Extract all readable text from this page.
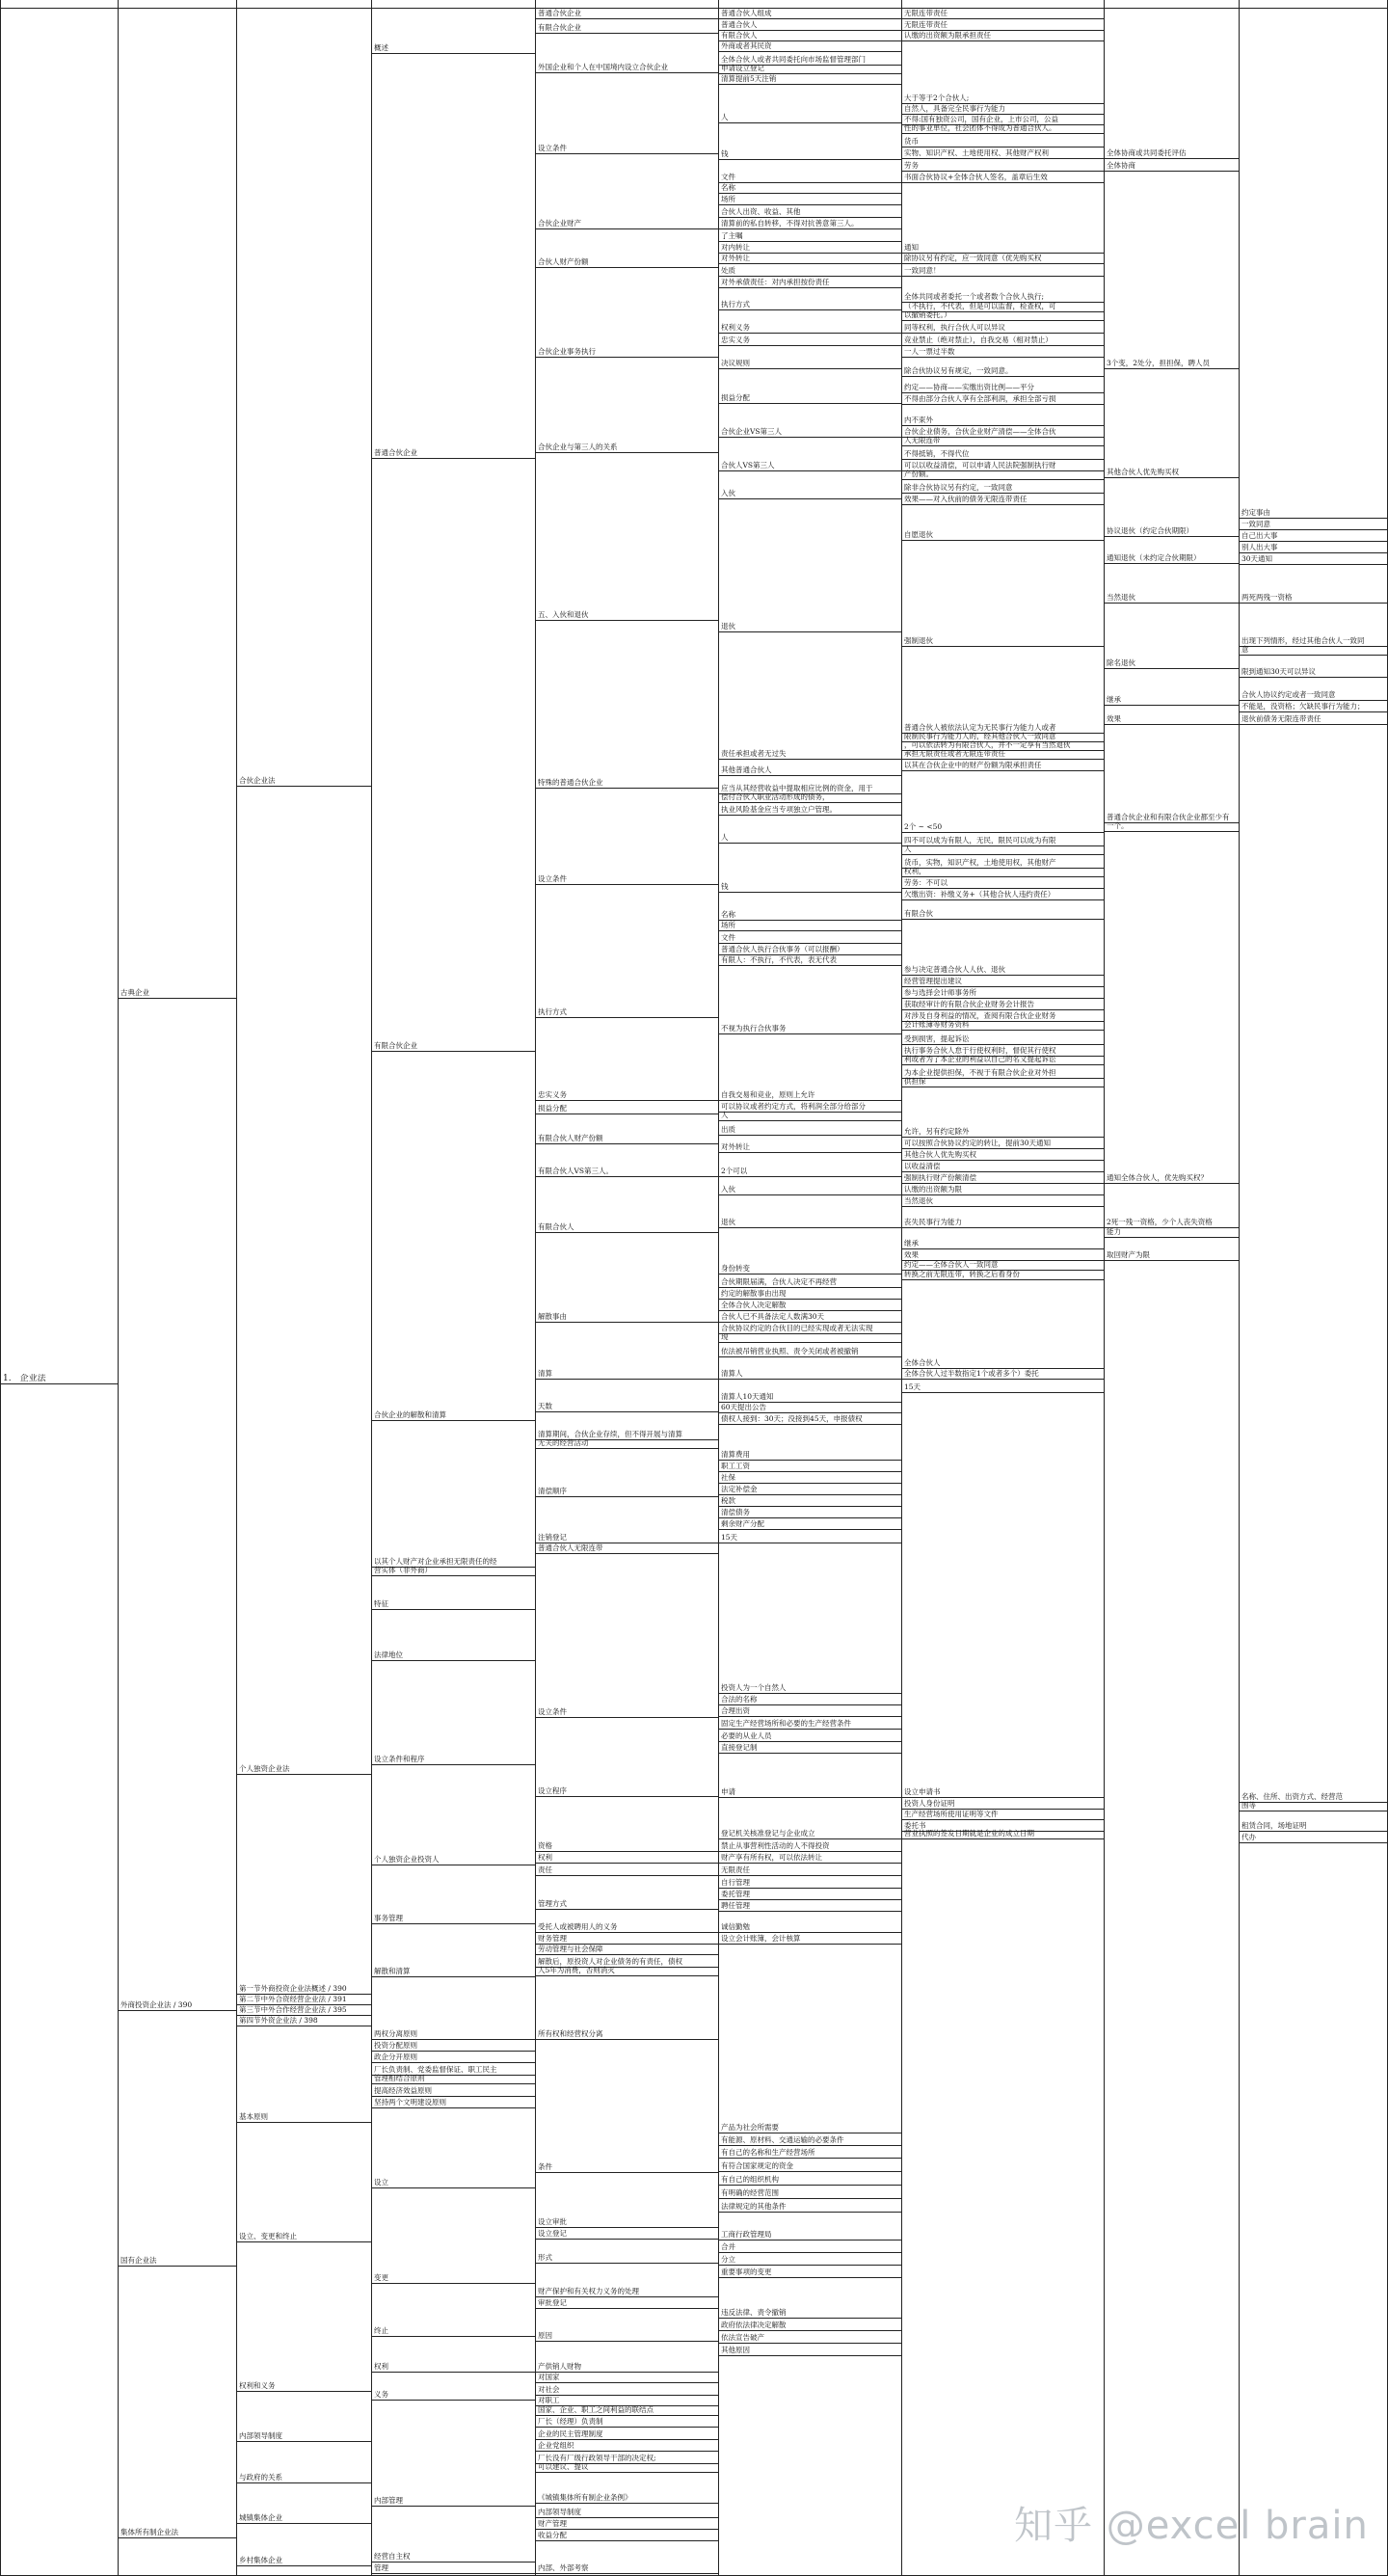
1.　企业法
古典企业
外商投资企业法 / 390
国有企业法
集体所有制企业法
合伙企业法
个人独资企业法
第一节外商投资企业法概述 / 390
第二节中外合资经营企业法 / 391
第三节中外合作经营企业法 / 395
第四节外资企业法 / 398
基本原则
设立、变更和终止
权利和义务
内部领导制度
与政府的关系
城镇集体企业
乡村集体企业
概述
普通合伙企业
有限合伙企业
合伙企业的解散和清算
以其个人财产对企业承担无限责任的经
营实体（非外商）
特征
法律地位
设立条件和程序
个人独资企业投资人
事务管理
解散和清算
两权分离原则
投资分配原则
政企分开原则
厂长负责制、党委监督保证、职工民主
管理相结合原则
提高经济效益原则
坚持两个文明建设原则
设立
变更
终止
权利
义务
内部管理
经营自主权
管理
普通合伙企业
有限合伙企业
外国企业和个人在中国境内设立合伙企业
设立条件
合伙企业财产
合伙人财产份额
合伙企业事务执行
合伙企业与第三人的关系
五、入伙和退伙
特殊的普通合伙企业
设立条件
执行方式
忠实义务
损益分配
有限合伙人财产份额
有限合伙人VS第三人。
有限合伙人
解散事由
清算
天数
清算期间，合伙企业存续，但不得开展与清算
无关的经营活动
清偿顺序
注销登记
普通合伙人无限连带
设立条件
设立程序
资格
权利
责任
管理方式
受托人或被聘用人的义务
财务管理
劳动管理与社会保障
解散后，原投资人对企业债务的有责任，债权
人5年为消费，否则消灭
所有权和经营权分离
条件
设立审批
设立登记
形式
财产保护和有关权力义务的处理
审批登记
原因
产供销人财物
对国家
对社会
对职工
国家、企业、职工之间利益的联结点
厂长（经理）负责制
企业的民主管理制度
企业党组织
厂长没有厂级行政领导干部的决定权;
可以建议、提议
《城镇集体所有制企业条例》
内部领导制度
财产管理
收益分配
内部、外部考察
普通合伙人组成
普通合伙人
有限合伙人
外商或者其民资
全体合伙人或者共同委托向市场监督管理部门
申请设立登记
清算提前5天注销
人
钱
文件
名称
场所
合伙人出资、收益、其他
清算前的私自转移，不得对抗善意第三人。
了主嘱
对内转让
对外转让
处质
对外承债责任：对内承担按份责任
执行方式
权利义务
忠实义务
决议规则
损益分配
合伙企业VS第三人
合伙人VS第三人
入伙
退伙
责任承担或者无过失
其他普通合伙人
应当从其经营收益中提取相应比例的资金，用于
偿付合伙人职业活动形成的债务，
执业风险基金应当专项独立户管理。
人
钱
名称
场所
文件
普通合伙人执行合伙事务（可以报酬）
有限人：不执行，不代表，表无代表
不视为执行合伙事务
自我交易和竞业，原则上允许
可以协议或者约定方式，将利润全部分给部分
人
出质
对外转让
2个可以
入伙
退伙
身份转变
合伙期限届满，合伙人决定不再经营
约定的解散事由出现
全体合伙人决定解散
合伙人已不具备法定人数满30天
合伙协议约定的合伙目的已经实现或者无法实现
现
依法被吊销营业执照、责令关闭或者被撤销
清算人
清算人10天通知
60天提出公告
债权人接到：30天；没接到45天，申报债权
清算费用
职工工资
社保
法定补偿金
税款
清偿债务
剩余财产分配
15天
投资人为一个自然人
合法的名称
合理出资
固定生产经营场所和必要的生产经营条件
必要的从业人员
直接登记制
申请
登记机关核准登记与企业成立
禁止从事营利性活动的人不得投资
财产享有所有权，可以依法转让
无限责任
自行管理
委托管理
聘任管理
诚信勤勉
设立会计账簿，会计核算
产品为社会所需要
有能源、原材料、交通运输的必要条件
有自己的名称和生产经营场所
有符合国家规定的资金
有自己的组织机构
有明确的经营范围
法律规定的其他条件
工商行政管理局
合并
分立
重要事项的变更
违反法律、责令撤销
政府依法律决定解散
依法宣告破产
其他原因
无限连带责任
无限连带责任
认缴的出资额为限承担责任
大于等于2个合伙人;
自然人，具备完全民事行为能力
不得:国有独资公司，国有企业，上市公司，公益
性的事业单位，社会团体不得成为普通合伙人。
货币
实物、知识产权、土地使用权、其他财产权利
劳务
书面合伙协议+全体合伙人签名，盖章后生效
通知
除协议另有约定，应一致同意（优先购买权
一致同意！
全体共同或者委托一个或者数个合伙人执行;
（不执行，不代表，但是可以监督，检查权，可
以撤销委托。）
同等权利，执行合伙人可以异议
竞业禁止（绝对禁止），自我交易（相对禁止）
一人一票过半数
除合伙协议另有规定，一致同意。
约定——协商——实缴出资比例——平分
不得由部分合伙人享有全部利润，承担全部亏损
内不束外
合伙企业债务，合伙企业财产清偿——全体合伙
人无限连带
不得抵销，不得代位
可以以收益清偿，可以申请人民法院强制执行财
产份额。
除非合伙协议另有约定，一致同意
效果——对入伙前的债务无限连带责任
自愿退伙
强制退伙
普通合伙人被依法认定为无民事行为能力人或者
限制民事行为能力人的，经其他合伙人一致同意
，可以依法转为有限合伙人，并不一定享有当然退伙
承担无限责任或者无限连带责任
以其在合伙企业中的财产份额为限承担责任
2个 ~ <50
四不可以成为有限人，无民，限民可以成为有限
人
货币，实物，知识产权，土地使用权，其他财产
权利，
劳务：不可以
欠缴出资：补缴义务+（其他合伙人违约责任）
有限合伙
参与决定普通合伙人人伙、退伙
经营管理提出建议
参与选择会计师事务所
获取经审计的有限合伙企业财务会计报告
对涉及自身利益的情况，查阅有限合伙企业财务
会计账簿等财务资料
受到损害，提起诉讼
执行事务合伙人怠于行使权利时，督促其行使权
利或者为了本企业的利益以自己的名义提起诉讼
为本企业提供担保，不视于有限合伙企业对外担
供担保
允许，另有约定除外
可以按照合伙协议约定的转让，提前30天通知
其他合伙人优先购买权
以收益清偿
强制执行财产份额清偿
认缴的出资额为限
当然退伙
丧失民事行为能力
继承
效果
约定——全体合伙人一致同意
转换之前无限连带，转换之后看身份
全体合伙人
全体合伙人过半数指定1个或者多个）委托
15天
设立申请书
投资人身份证明
生产经营场所使用证明等文件
委托书
营业执照的签发日期就是企业的成立日期
全体协商或共同委托评估
全体协商
3个变，2处分，担担保，聘人员
其他合伙人优先购买权
协议退伙（约定合伙期限）
通知退伙（未约定合伙期限）
当然退伙
除名退伙
继承
效果
普通合伙企业和有限合伙企业都至少有
一个。
通知全体合伙人，优先购买权？
2死一残一资格，少个人丧失资格
能力
取回财产为限
约定事由
一致同意
自己出大事
别人出大事
30天通知
两死两残一资格
出现下列情形，经过其他合伙人一致同
意
限到通知30天可以异议
合伙人协议约定或者一致同意
不能是，没资格；欠缺民事行为能力；
退伙前债务无限连带责任
名称、住所、出资方式、经营范
围等
租赁合同，场地证明
代办
知乎 @excel brain
